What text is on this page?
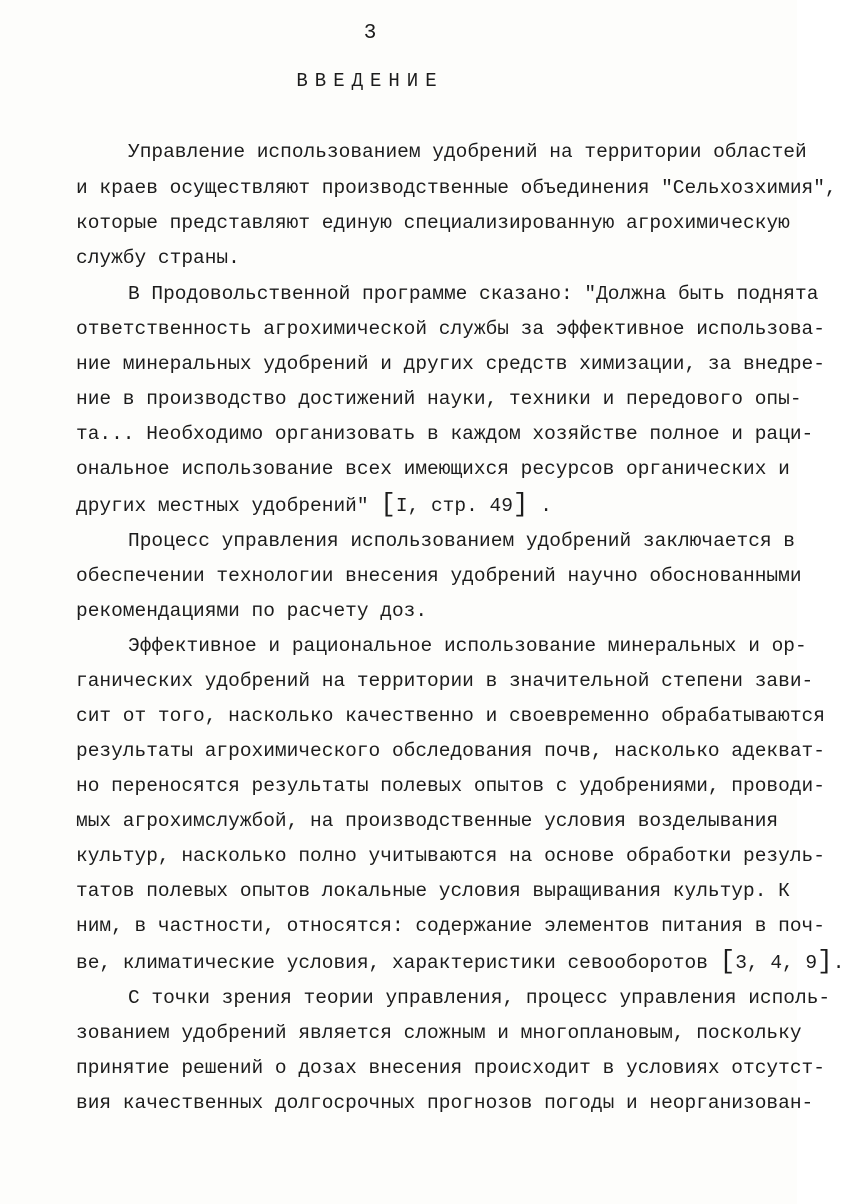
3
ВВЕДЕНИЕ
Управление использованием удобрений на территории областей
и краев осуществляют производственные объединения "Сельхозхимия",
которые представляют единую специализированную агрохимическую
службу страны.
В Продовольственной программе сказано: "Должна быть поднята
ответственность агрохимической службы за эффективное использова-
ние минеральных удобрений и других средств химизации, за внедре-
ние в производство достижений науки, техники и передового опы-
та... Необходимо организовать в каждом хозяйстве полное и раци-
ональное использование всех имеющихся ресурсов органических и
других местных удобрений" [I, стр. 49] .
Процесс управления использованием удобрений заключается в
обеспечении технологии внесения удобрений научно обоснованными
рекомендациями по расчету доз.
Эффективное и рациональное использование минеральных и ор-
ганических удобрений на территории в значительной степени зави-
сит от того, насколько качественно и своевременно обрабатываются
результаты агрохимического обследования почв, насколько адекват-
но переносятся результаты полевых опытов с удобрениями, проводи-
мых агрохимслужбой, на производственные условия возделывания
культур, насколько полно учитываются на основе обработки резуль-
татов полевых опытов локальные условия выращивания культур. К
ним, в частности, относятся: содержание элементов питания в поч-
ве, климатические условия, характеристики севооборотов [3, 4, 9].
С точки зрения теории управления, процесс управления исполь-
зованием удобрений является сложным и многоплановым, поскольку
принятие решений о дозах внесения происходит в условиях отсутст-
вия качественных долгосрочных прогнозов погоды и неорганизован-
